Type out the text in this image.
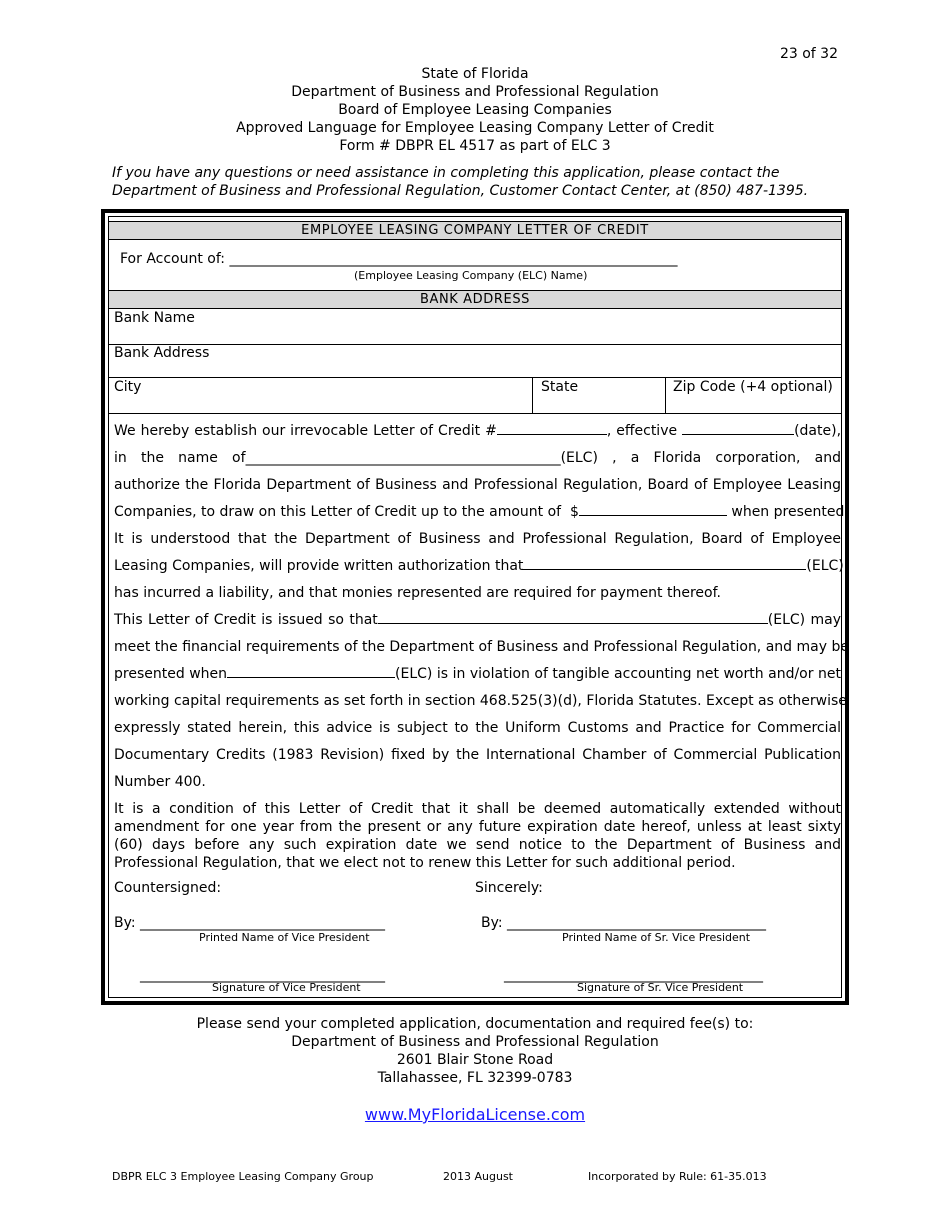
23 of 32
State of Florida
Department of Business and Professional Regulation
Board of Employee Leasing Companies
Approved Language for Employee Leasing Company Letter of Credit
Form # DBPR EL 4517 as part of ELC 3
If you have any questions or need assistance in completing this application, please contact the Department of Business and Professional Regulation, Customer Contact Center, at (850) 487-1395.
EMPLOYEE LEASING COMPANY LETTER OF CREDIT
For Account of: ________________________________________________________________
(Employee Leasing Company (ELC) Name)
BANK ADDRESS
Bank Name
Bank Address
City	State	Zip Code (+4 optional)
We hereby establish our irrevocable Letter of Credit #	, effective	(date),
in the name of_____________________________________________(ELC) , a Florida corporation, and
authorize the Florida Department of Business and Professional Regulation, Board of Employee Leasing
Companies, to draw on this Letter of Credit up to the amount of $	when presented.
It is understood that the Department of Business and Professional Regulation, Board of Employee
Leasing Companies, will provide written authorization that	(ELC)
has incurred a liability, and that monies represented are required for payment thereof.
This Letter of Credit is issued so that	(ELC) may
meet the financial requirements of the Department of Business and Professional Regulation, and may be
presented when	(ELC) is in violation of tangible accounting net worth and/or net
working capital requirements as set forth in section 468.525(3)(d), Florida Statutes. Except as otherwise
expressly stated herein, this advice is subject to the Uniform Customs and Practice for Commercial
Documentary Credits (1983 Revision) fixed by the International Chamber of Commercial Publication
Number 400.
It is a condition of this Letter of Credit that it shall be deemed automatically extended without amendment for one year from the present or any future expiration date hereof, unless at least sixty (60) days before any such expiration date we send notice to the Department of Business and Professional Regulation, that we elect not to renew this Letter for such additional period.
Countersigned:	Sincerely:
By: ___________________________________	By: _____________________________________
Printed Name of Vice President	Printed Name of Sr. Vice President
___________________________________	_____________________________________
Signature of Vice President	Signature of Sr. Vice President
Please send your completed application, documentation and required fee(s) to:
Department of Business and Professional Regulation
2601 Blair Stone Road
Tallahassee, FL 32399-0783
www.MyFloridaLicense.com
DBPR ELC 3 Employee Leasing Company Group	2013 August	Incorporated by Rule: 61-35.013
